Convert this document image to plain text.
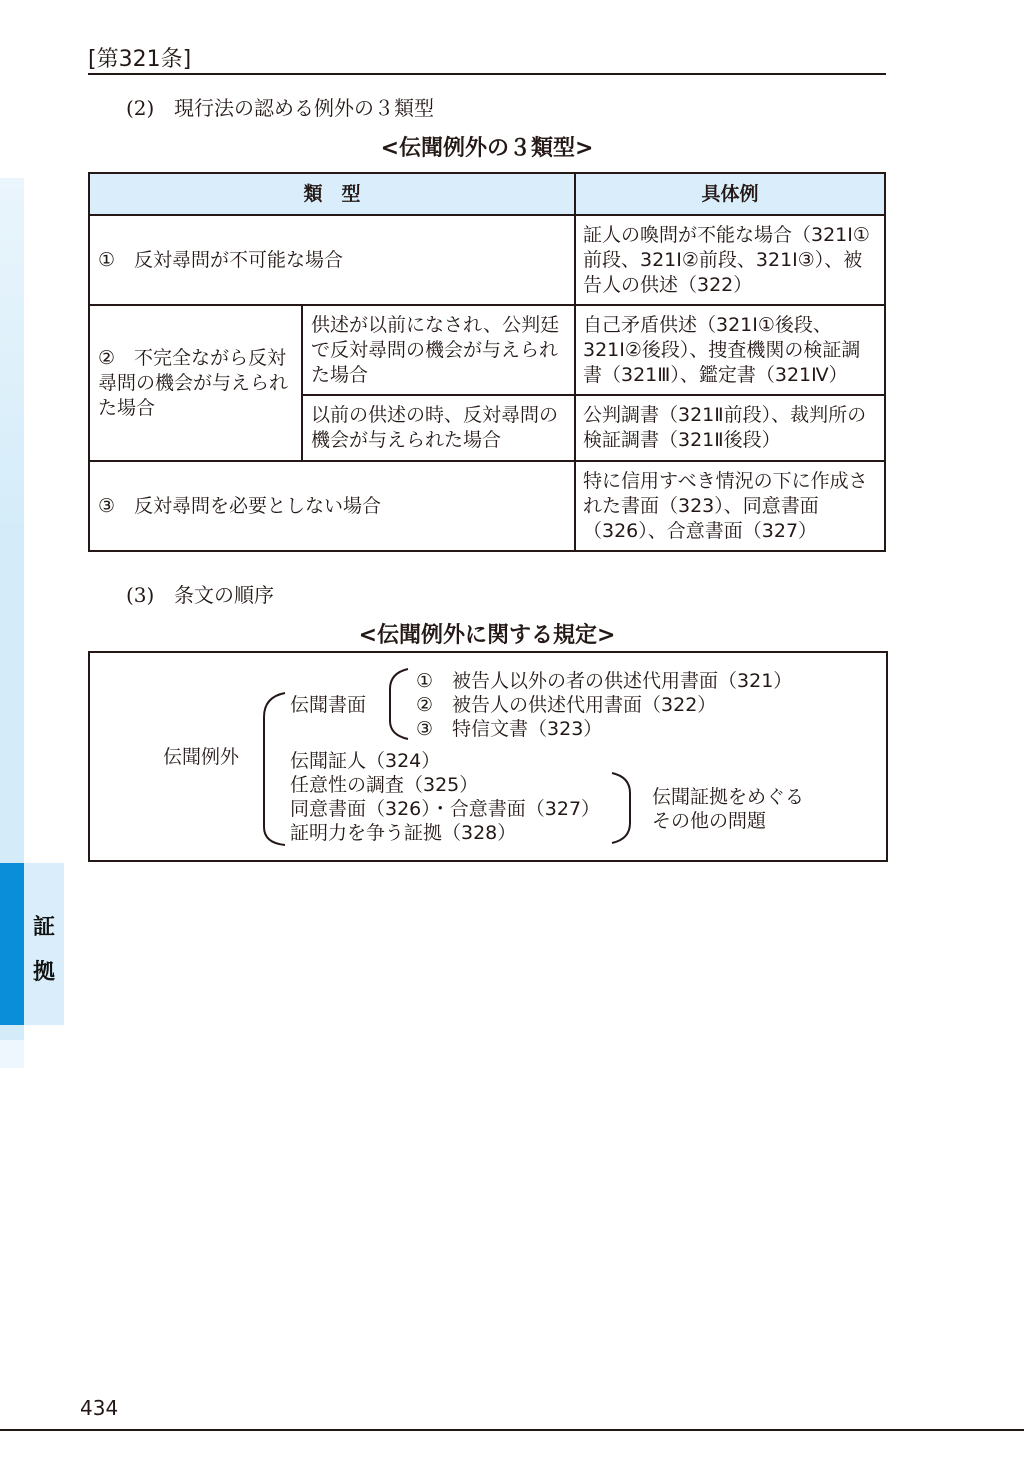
証
拠
[第321条]
(2) 現行法の認める例外の３類型
<伝聞例外の３類型>
類　型		具体例
①　反対尋問が不可能な場合		証人の喚問が不能な場合（321Ⅰ①前段、321Ⅰ②前段、321Ⅰ③）、被告人の供述（322）
②　不完全ながら反対尋問の機会が与えられた場合	供述が以前になされ、公判廷で反対尋問の機会が与えられた場合	自己矛盾供述（321Ⅰ①後段、321Ⅰ②後段）、捜査機関の検証調書（321Ⅲ）、鑑定書（321Ⅳ）
	以前の供述の時、反対尋問の機会が与えられた場合	公判調書（321Ⅱ前段）、裁判所の検証調書（321Ⅱ後段）
③　反対尋問を必要としない場合		特に信用すべき情況の下に作成された書面（323）、同意書面（326）、合意書面（327）
(3) 条文の順序
<伝聞例外に関する規定>
伝聞例外
伝聞書面
①　被告人以外の者の供述代用書面（321）
②　被告人の供述代用書面（322）
③　特信文書（323）
伝聞証人（324）
任意性の調査（325）
同意書面（326）・合意書面（327）
証明力を争う証拠（328）
伝聞証拠をめぐる
その他の問題
434
